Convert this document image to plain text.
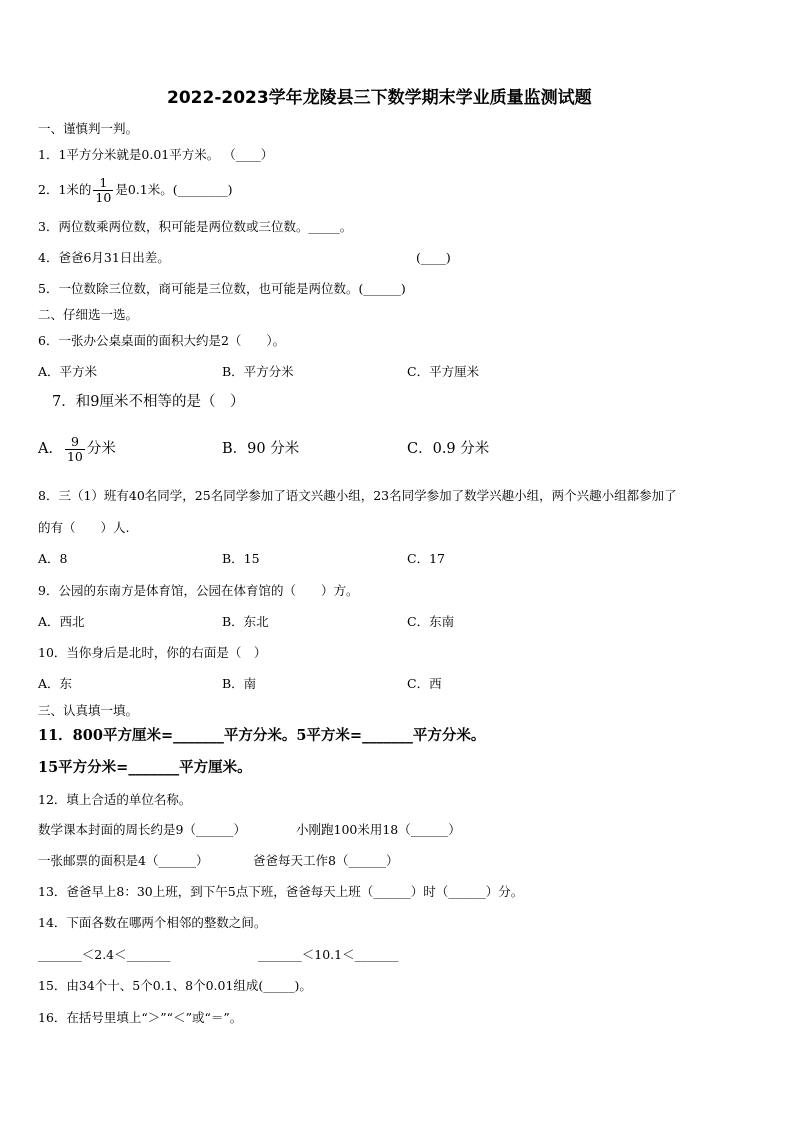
2022-2023学年龙陵县三下数学期末学业质量监测试题
一、谨慎判一判。
1．1平方分米就是0.01平方米。 （____）
2．1米的 $\frac{1}{10}$ 是0.1米。(________)
3．两位数乘两位数，积可能是两位数或三位数。_____。
4．爸爸6月31日出差。	(____)
5．一位数除三位数，商可能是三位数，也可能是两位数。(______)
二、仔细选一选。
6．一张办公桌桌面的面积大约是2（　　）。
A．平方米	B．平方分米	C．平方厘米
7．和9厘米不相等的是（　）
A． $\frac{9}{10}$ 分米	B．90 分米	C．0.9 分米
8．三（1）班有40名同学，25名同学参加了语文兴趣小组，23名同学参加了数学兴趣小组，两个兴趣小组都参加了
的有（　　）人.
A．8	B．15	C．17
9．公园的东南方是体育馆，公园在体育馆的（　　）方。
A．西北	B．东北	C．东南
10．当你身后是北时，你的右面是（　）
A．东	B．南	C．西
三、认真填一填。
11．800平方厘米=_______平方分米。5平方米=_______平方分米。
15平方分米=_______平方厘米。
12．填上合适的单位名称。
数学课本封面的周长约是9（______）	小刚跑100米用18（______）
一张邮票的面积是4（______）	爸爸每天工作8（______）
13．爸爸早上8：30上班，到下午5点下班，爸爸每天上班（______）时（______）分。
14．下面各数在哪两个相邻的整数之间。
_______＜2.4＜_______	_______＜10.1＜_______
15．由34个十、5个0.1、8个0.01组成(_____)。
16．在括号里填上“＞”“＜”或“＝”。
